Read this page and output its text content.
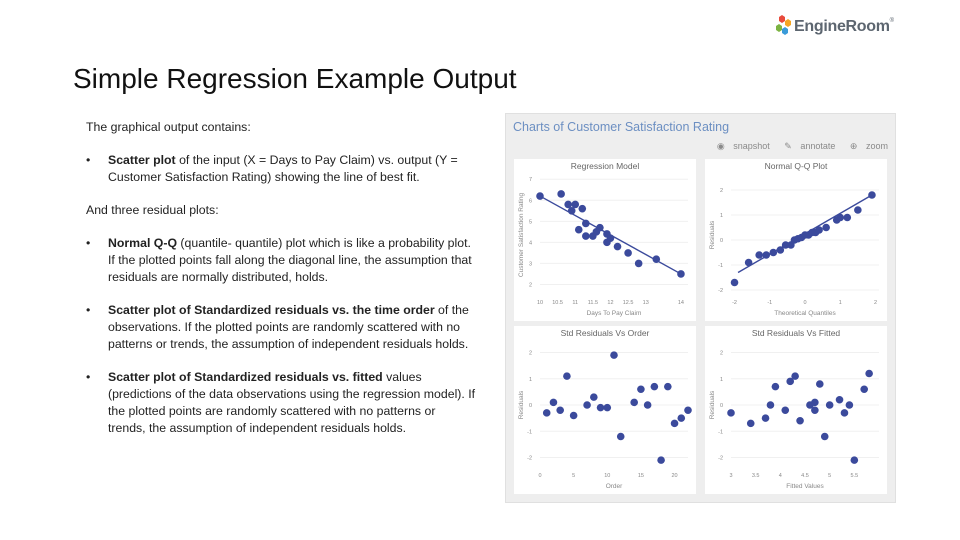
EngineRoom®
Simple Regression Example Output

The graphical output contains:

• Scatter plot of the input (X = Days to Pay Claim) vs. output (Y = Customer Satisfaction Rating) showing the line of best fit.

And three residual plots:

• Normal Q-Q (quantile- quantile) plot which is like a probability plot. If the plotted points fall along the diagonal line, the assumption that residuals are normally distributed, holds.
• Scatter plot of Standardized residuals vs. the time order of the observations. If the plotted points are randomly scattered with no patterns or trends, the assumption of independent residuals holds.
• Scatter plot of Standardized residuals vs. fitted values (predictions of the data observations using the regression model). If the plotted points are randomly scattered with no patterns or trends, the assumption of independent residuals holds.
Charts of Customer Satisfaction Rating
◉ snapshot ✎ annotate ⊕ zoom
Regression Model
2
3
4
5
6
7
10 10.5 11 11.5 12 12.5 13	14
Days To Pay Claim
Customer Satisfaction Rating
Normal Q-Q Plot
-2
-1
0
1
2
-2	-1	0	1	2
Theoretical Quantiles
Residuals
Std Residuals Vs Order
-2
-1
0
1
2
0	5	10	15	20
Order
Residuals
Std Residuals Vs Fitted
-2
-1
0
1
2
3	3.5	4	4.5	5	5.5
Fitted Values
Residuals
